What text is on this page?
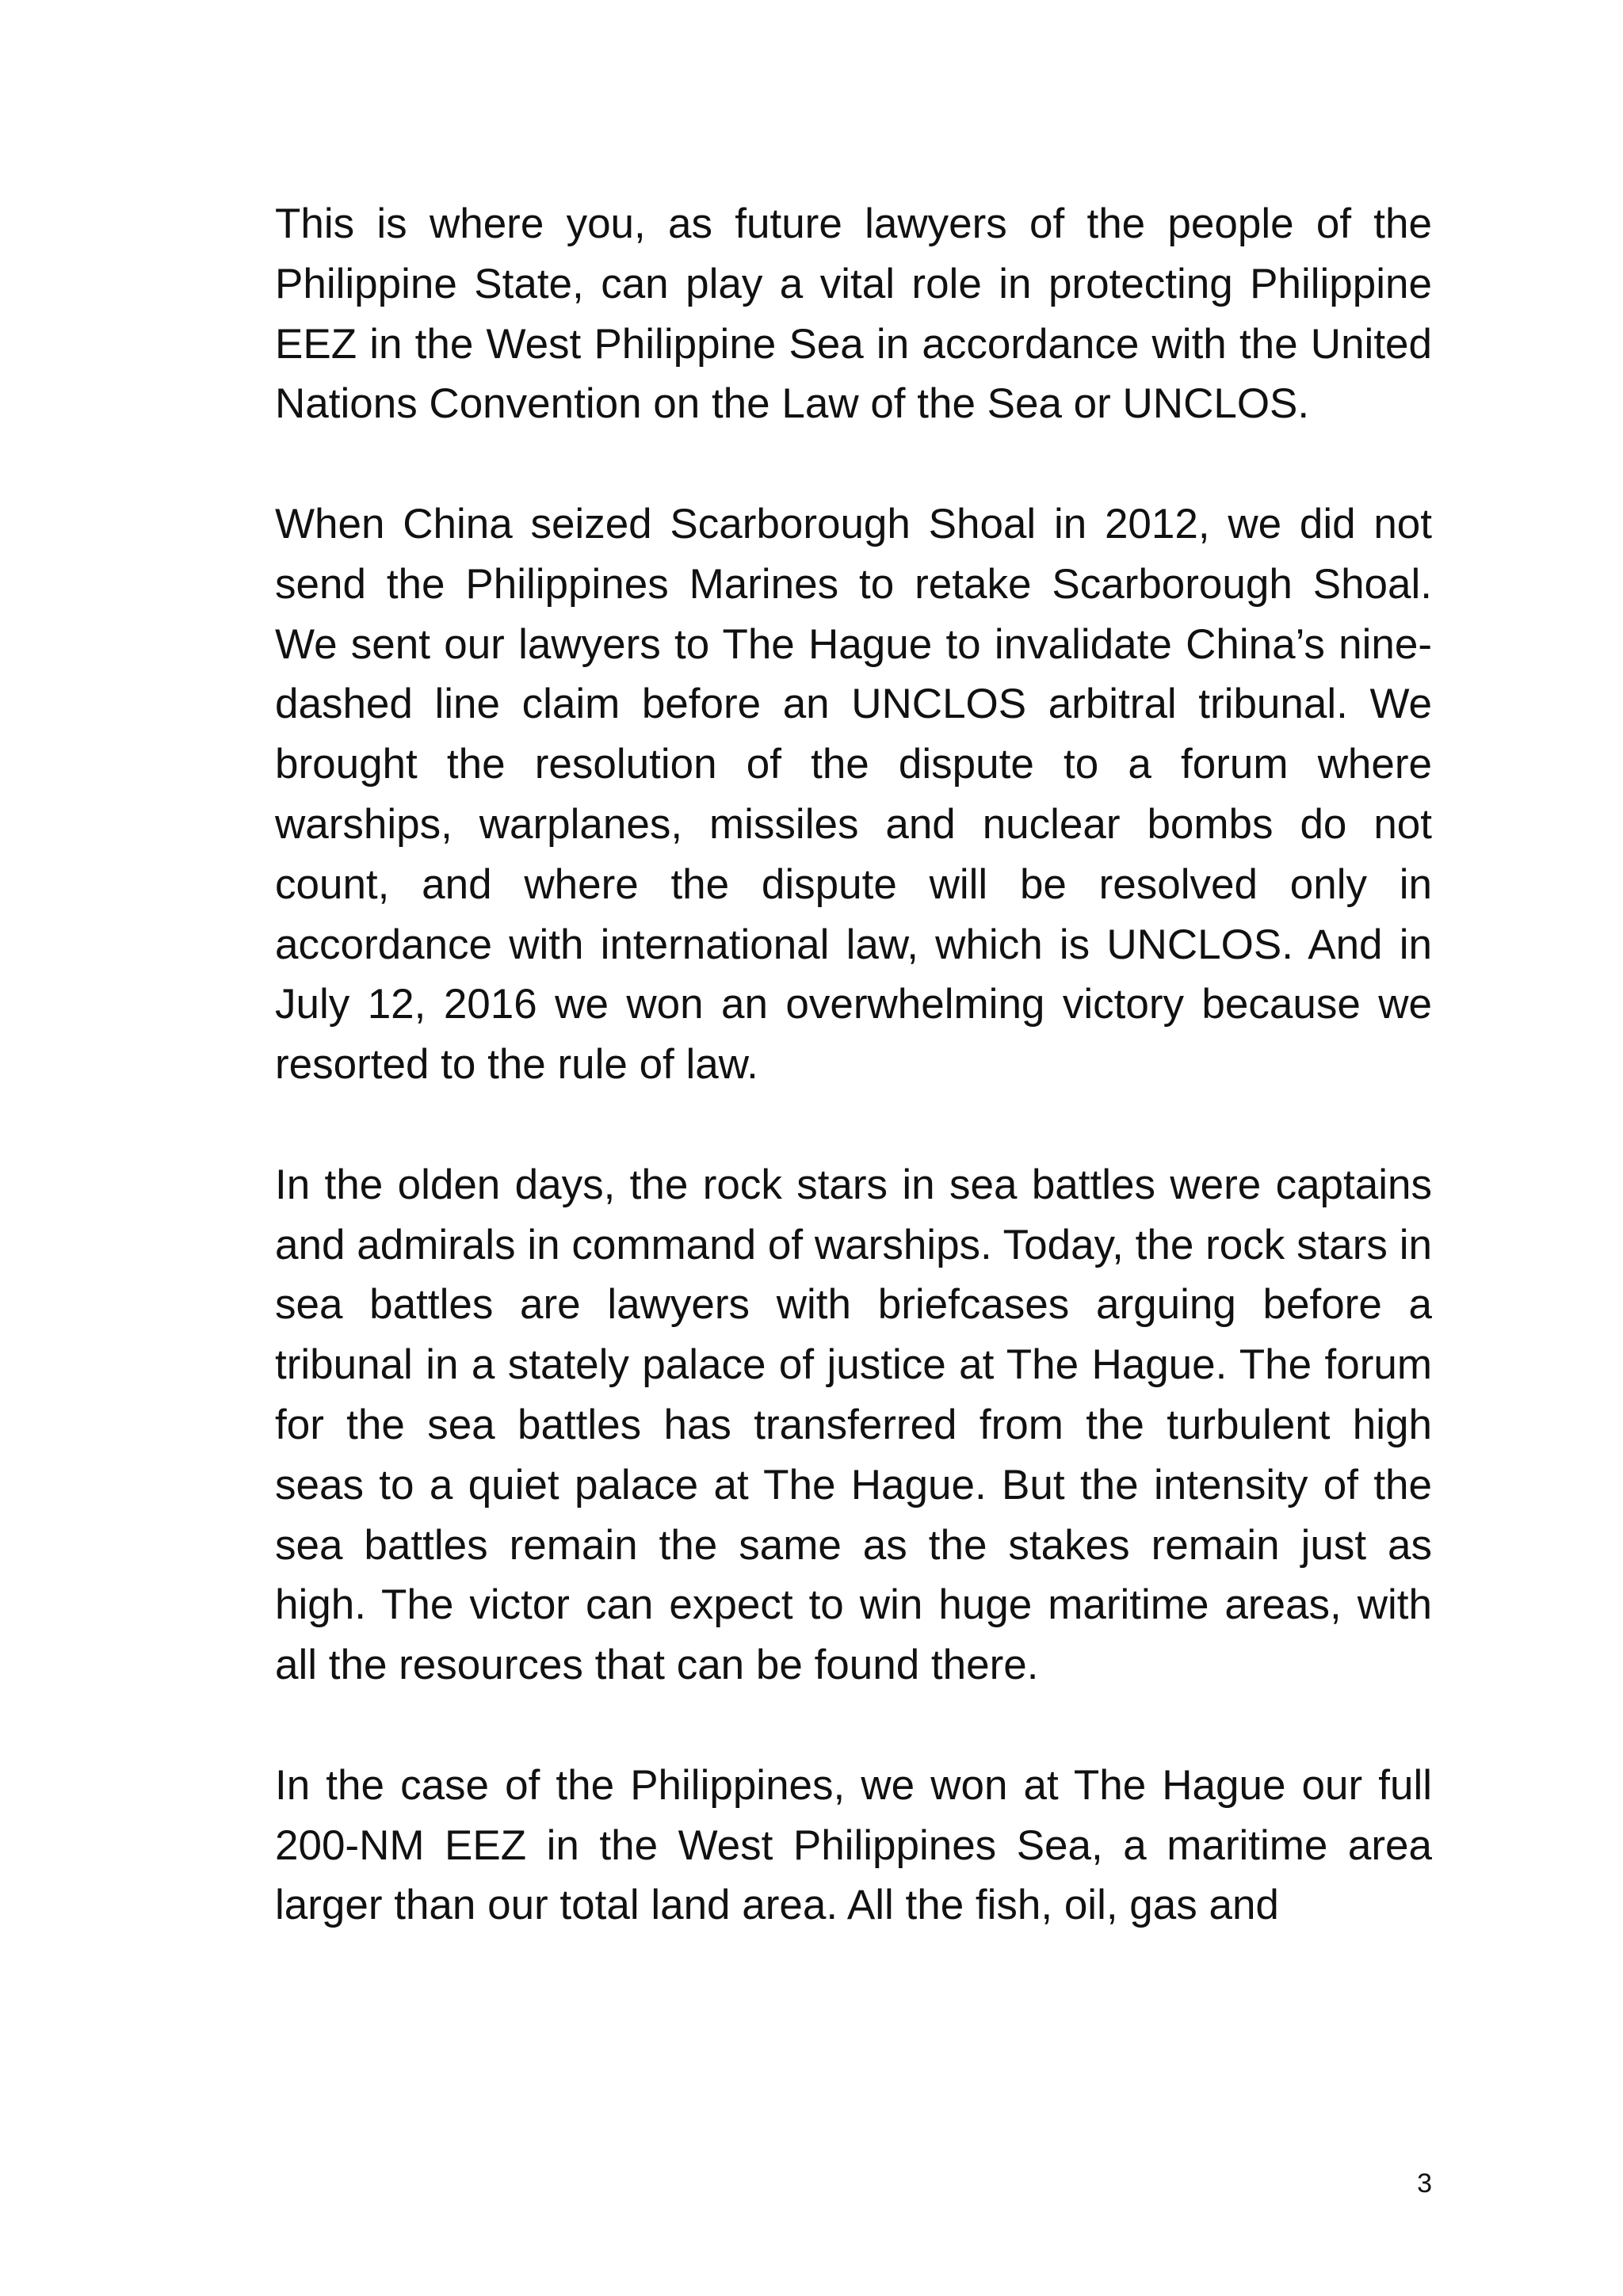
This is where you, as future lawyers of the people of the Philippine State, can play a vital role in protecting Philippine EEZ in the West Philippine Sea in accordance with the United Nations Convention on the Law of the Sea or UNCLOS.

When China seized Scarborough Shoal in 2012, we did not send the Philippines Marines to retake Scarborough Shoal. We sent our lawyers to The Hague to invalidate China’s nine-dashed line claim before an UNCLOS arbitral tribunal. We brought the resolution of the dispute to a forum where warships, warplanes, missiles and nuclear bombs do not count, and where the dispute will be resolved only in accordance with international law, which is UNCLOS. And in July 12, 2016 we won an overwhelming victory because we resorted to the rule of law.

In the olden days, the rock stars in sea battles were captains and admirals in command of warships. Today, the rock stars in sea battles are lawyers with briefcases arguing before a tribunal in a stately palace of justice at The Hague. The forum for the sea battles has transferred from the turbulent high seas to a quiet palace at The Hague. But the intensity of the sea battles remain the same as the stakes remain just as high. The victor can expect to win huge maritime areas, with all the resources that can be found there.

In the case of the Philippines, we won at The Hague our full 200-NM EEZ in the West Philippines Sea, a maritime area larger than our total land area. All the fish, oil, gas and

3
